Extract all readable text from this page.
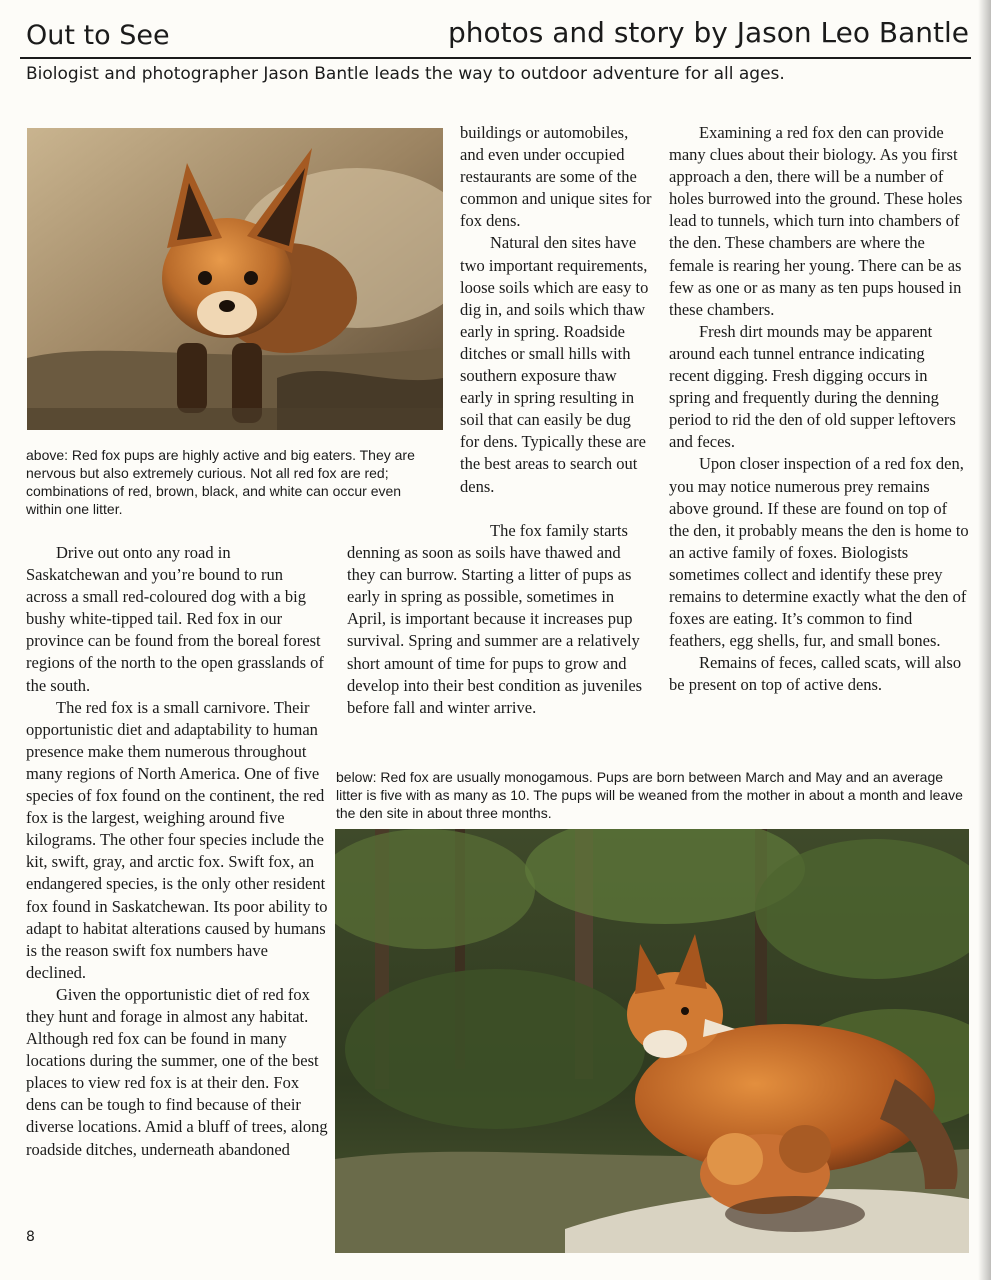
Out to See	photos and story by Jason Leo Bantle
Biologist and photographer Jason Bantle leads the way to outdoor adventure for all ages.
above: Red fox pups are highly active and big eaters. They are nervous but also extremely curious. Not all red fox are red; combinations of red, brown, black, and white can occur even within one litter.

Drive out onto any road in Saskatchewan and you’re bound to run across a small red-coloured dog with a big bushy white-tipped tail. Red fox in our province can be found from the boreal forest regions of the north to the open grasslands of the south.

The red fox is a small carnivore. Their opportunistic diet and adaptability to human presence make them numerous throughout many regions of North America. One of five species of fox found on the continent, the red fox is the largest, weighing around five kilograms. The other four species include the kit, swift, gray, and arctic fox. Swift fox, an endangered species, is the only other resident fox found in Saskatchewan. Its poor ability to adapt to habitat alterations caused by humans is the reason swift fox numbers have declined.

Given the opportunistic diet of red fox they hunt and forage in almost any habitat. Although red fox can be found in many locations during the summer, one of the best places to view red fox is at their den. Fox dens can be tough to find because of their diverse locations. Amid a bluff of trees, along roadside ditches, underneath abandoned

buildings or automobiles, and even under occupied restaurants are some of the common and unique sites for fox dens.

Natural den sites have two important requirements, loose soils which are easy to dig in, and soils which thaw early in spring. Roadside ditches or small hills with southern exposure thaw early in spring resulting in soil that can easily be dug for dens. Typically these are the best areas to search out dens.

The fox family starts denning as soon as soils have thawed and they can burrow. Starting a litter of pups as early in spring as possible, sometimes in April, is important because it increases pup survival. Spring and summer are a relatively short amount of time for pups to grow and develop into their best condition as juveniles before fall and winter arrive.

Examining a red fox den can provide many clues about their biology. As you first approach a den, there will be a number of holes burrowed into the ground. These holes lead to tunnels, which turn into chambers of the den. These chambers are where the female is rearing her young. There can be as few as one or as many as ten pups housed in these chambers.

Fresh dirt mounds may be apparent around each tunnel entrance indicating recent digging. Fresh digging occurs in spring and frequently during the denning period to rid the den of old supper leftovers and feces.

Upon closer inspection of a red fox den, you may notice numerous prey remains above ground. If these are found on top of the den, it probably means the den is home to an active family of foxes. Biologists sometimes collect and identify these prey remains to determine exactly what the den of foxes are eating. It’s common to find feathers, egg shells, fur, and small bones.

Remains of feces, called scats, will also be present on top of active dens.

below: Red fox are usually monogamous. Pups are born between March and May and an average litter is five with as many as 10. The pups will be weaned from the mother in about a month and leave the den site in about three months.
8
